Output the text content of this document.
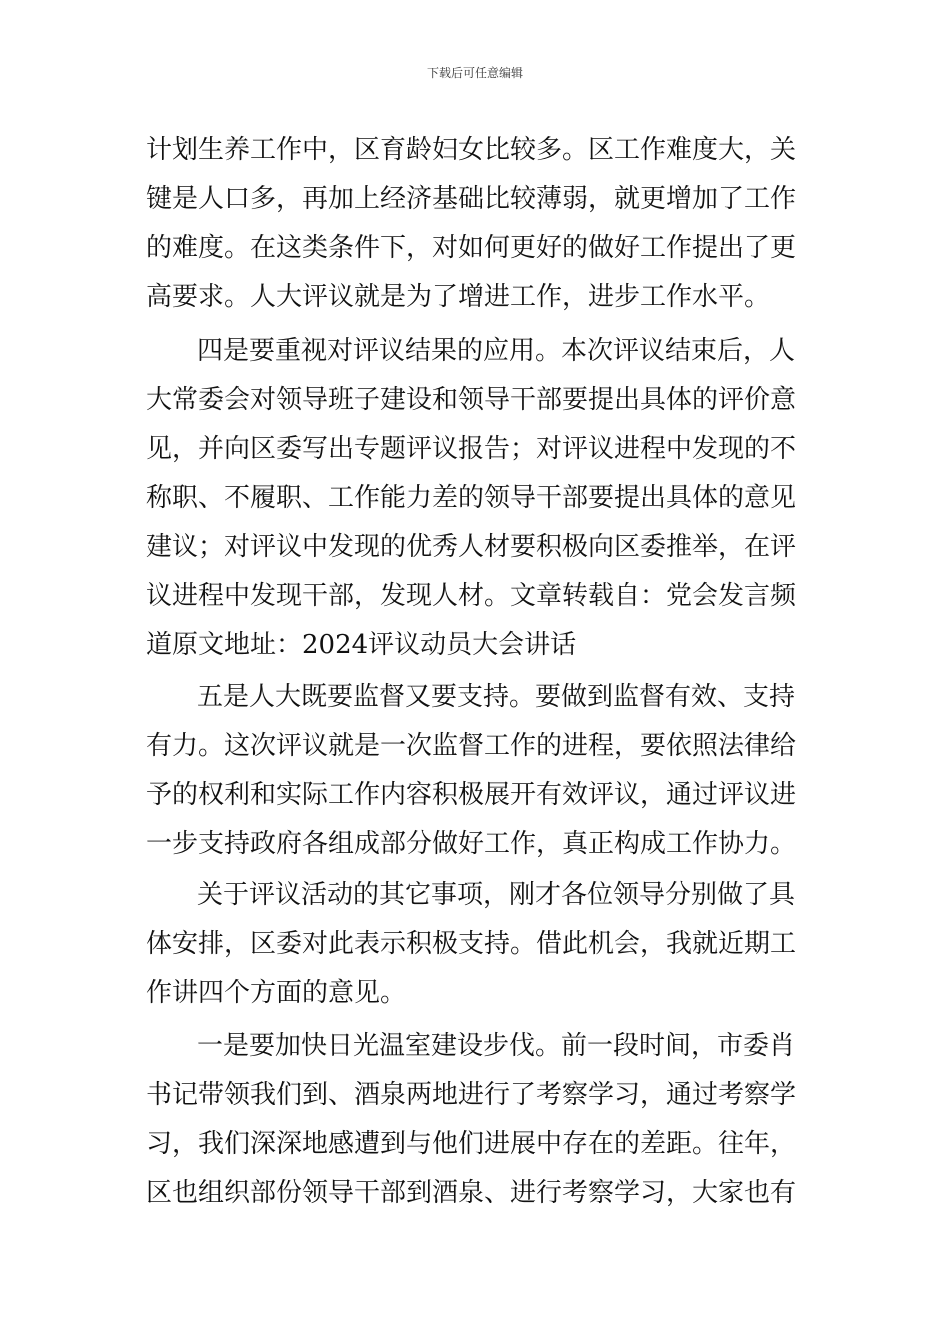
下载后可任意编辑
计划生养工作中，区育龄妇女比较多。区工作难度大，关
键是人口多，再加上经济基础比较薄弱，就更增加了工作
的难度。在这类条件下，对如何更好的做好工作提出了更
高要求。人大评议就是为了增进工作，进步工作水平。
四是要重视对评议结果的应用。本次评议结束后，人
大常委会对领导班子建设和领导干部要提出具体的评价意
见，并向区委写出专题评议报告；对评议进程中发现的不
称职、不履职、工作能力差的领导干部要提出具体的意见
建议；对评议中发现的优秀人材要积极向区委推举，在评
议进程中发现干部，发现人材。文章转载自：党会发言频
道原文地址：2024评议动员大会讲话
五是人大既要监督又要支持。要做到监督有效、支持
有力。这次评议就是一次监督工作的进程，要依照法律给
予的权利和实际工作内容积极展开有效评议，通过评议进
一步支持政府各组成部分做好工作，真正构成工作协力。
关于评议活动的其它事项，刚才各位领导分别做了具
体安排，区委对此表示积极支持。借此机会，我就近期工
作讲四个方面的意见。
一是要加快日光温室建设步伐。前一段时间，市委肖
书记带领我们到、酒泉两地进行了考察学习，通过考察学
习，我们深深地感遭到与他们进展中存在的差距。往年，
区也组织部份领导干部到酒泉、进行考察学习，大家也有
